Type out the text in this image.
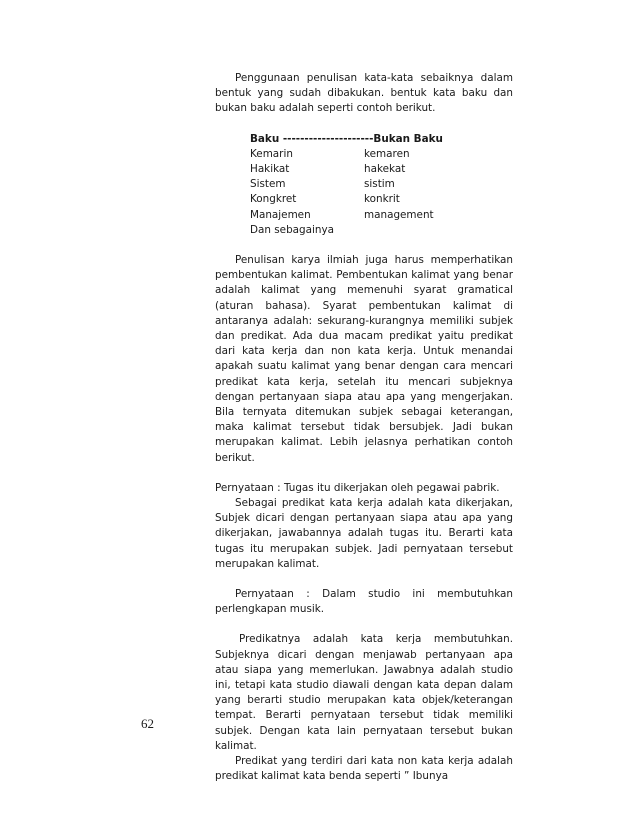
Penggunaan penulisan kata-kata sebaiknya dalam bentuk yang sudah dibakukan. bentuk kata baku dan bukan baku adalah seperti contoh berikut.

Baku ---------------------Bukan Baku
Kemarin	kemaren
Hakikat	hakekat
Sistem	sistim
Kongkret	konkrit
Manajemen	management
Dan sebagainya

Penulisan karya ilmiah juga harus memperhatikan pembentukan kalimat. Pembentukan kalimat yang benar adalah kalimat yang memenuhi syarat gramatical (aturan bahasa). Syarat pembentukan kalimat di antaranya adalah: sekurang-kurangnya memiliki subjek dan predikat. Ada dua macam predikat yaitu predikat dari kata kerja dan non kata kerja. Untuk menandai apakah suatu kalimat yang benar dengan cara mencari predikat kata kerja, setelah itu mencari subjeknya dengan pertanyaan siapa atau apa yang mengerjakan. Bila ternyata ditemukan subjek sebagai keterangan, maka kalimat tersebut tidak bersubjek. Jadi bukan merupakan kalimat. Lebih jelasnya perhatikan contoh berikut.

Pernyataan : Tugas itu dikerjakan oleh pegawai pabrik.

Sebagai predikat kata kerja adalah kata dikerjakan, Subjek dicari dengan pertanyaan siapa atau apa yang dikerjakan, jawabannya adalah tugas itu. Berarti kata tugas itu merupakan subjek. Jadi pernyataan tersebut merupakan kalimat.

Pernyataan : Dalam studio ini membutuhkan perlengkapan musik.

Predikatnya adalah kata kerja membutuhkan. Subjeknya dicari dengan menjawab pertanyaan apa atau siapa yang memerlukan. Jawabnya adalah studio ini, tetapi kata studio diawali dengan kata depan dalam yang berarti studio merupakan kata objek/keterangan tempat. Berarti pernyataan tersebut tidak memiliki subjek. Dengan kata lain pernyataan tersebut bukan kalimat.

Predikat yang terdiri dari kata non kata kerja adalah predikat kalimat kata benda seperti ” Ibunya

62
